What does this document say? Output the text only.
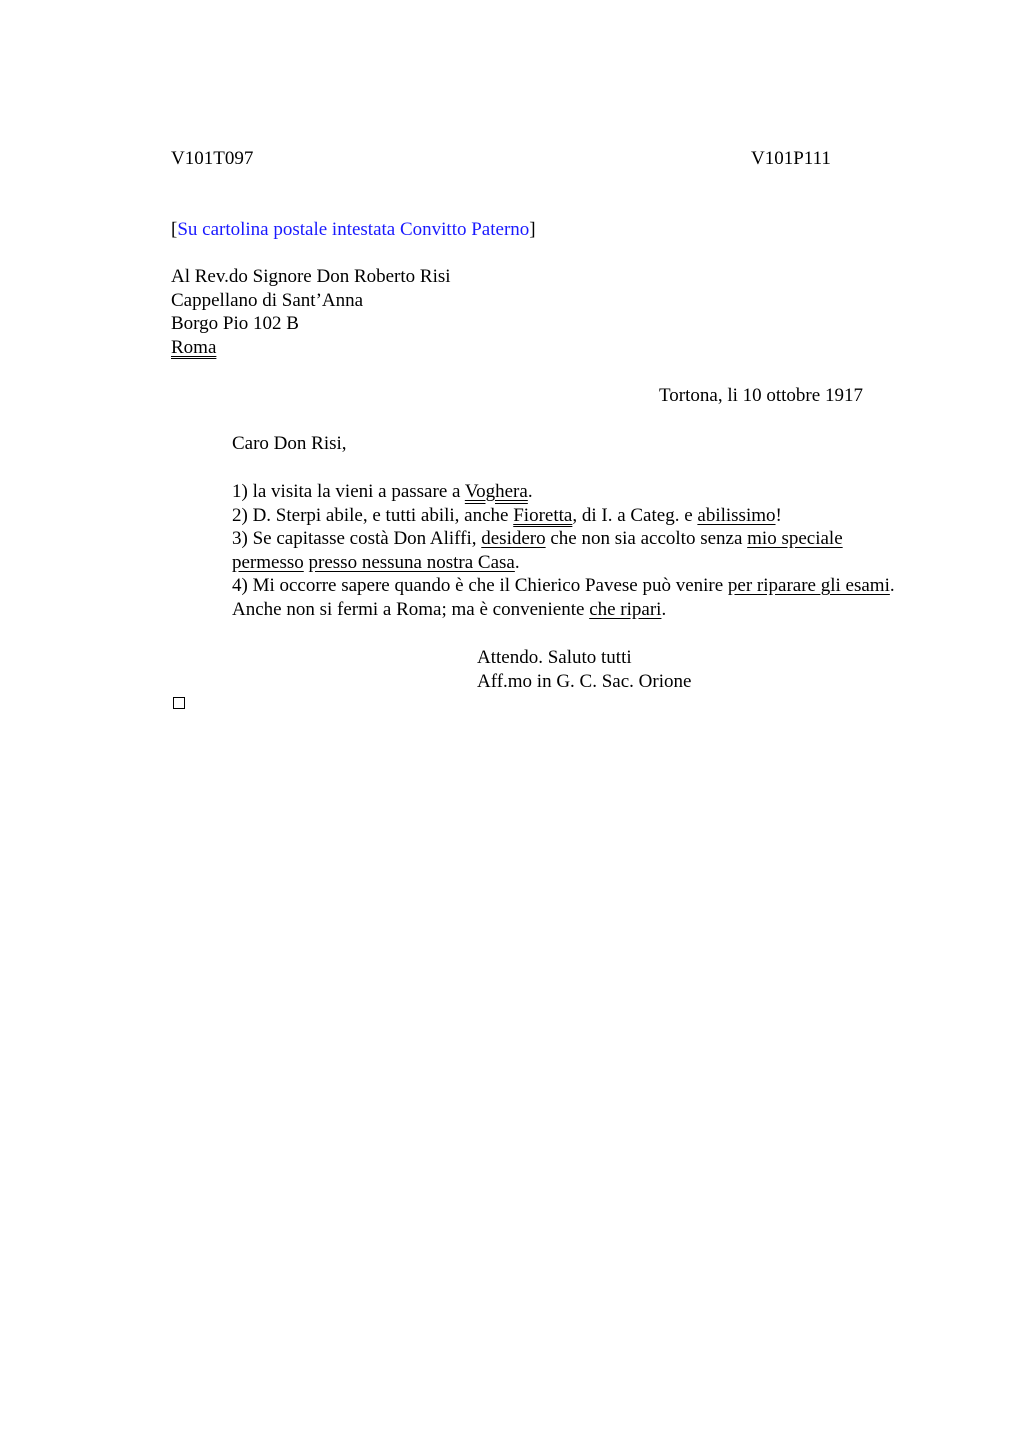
V101T097	V101P111
[Su cartolina postale intestata Convitto Paterno]
Al Rev.do Signore Don Roberto Risi
Cappellano di Sant’Anna
Borgo Pio 102 B
Roma
Tortona, li 10 ottobre 1917
Caro Don Risi,
1) la visita la vieni a passare a Voghera.
2) D. Sterpi abile, e tutti abili, anche Fioretta, di I. a Categ. e abilissimo!
3) Se capitasse costà Don Aliffi, desidero che non sia accolto senza mio speciale permesso presso nessuna nostra Casa.
4) Mi occorre sapere quando è che il Chierico Pavese può venire per riparare gli esami. Anche non si fermi a Roma; ma è conveniente che ripari.
Attendo. Saluto tutti
Aff.mo in G. C. Sac. Orione
